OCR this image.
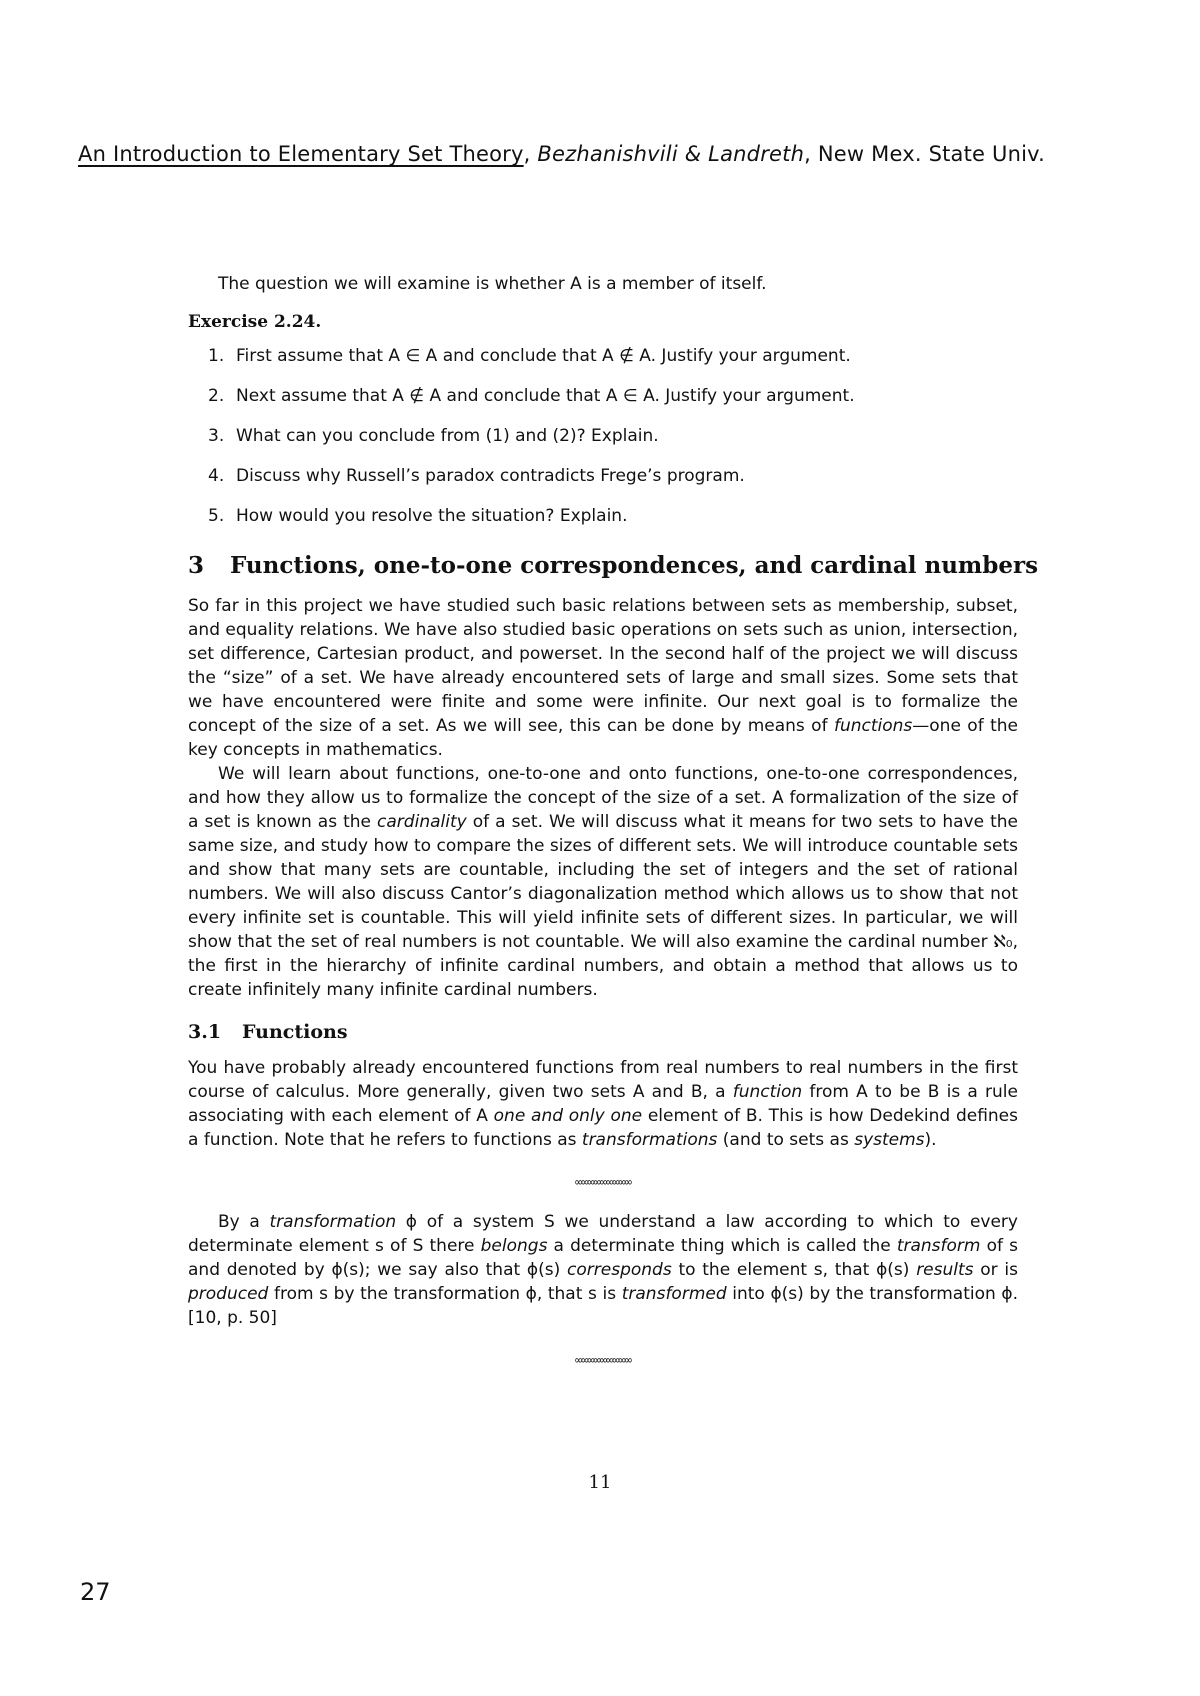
An Introduction to Elementary Set Theory, Bezhanishvili & Landreth, New Mex. State Univ.

The question we will examine is whether A is a member of itself.

Exercise 2.24.

1. First assume that A ∈ A and conclude that A ∉ A. Justify your argument.
2. Next assume that A ∉ A and conclude that A ∈ A. Justify your argument.
3. What can you conclude from (1) and (2)? Explain.
4. Discuss why Russell’s paradox contradicts Frege’s program.
5. How would you resolve the situation? Explain.
3 Functions, one-to-one correspondences, and cardinal numbers

So far in this project we have studied such basic relations between sets as membership, subset, and equality relations. We have also studied basic operations on sets such as union, intersection, set difference, Cartesian product, and powerset. In the second half of the project we will discuss the “size” of a set. We have already encountered sets of large and small sizes. Some sets that we have encountered were finite and some were infinite. Our next goal is to formalize the concept of the size of a set. As we will see, this can be done by means of functions—one of the key concepts in mathematics.

We will learn about functions, one-to-one and onto functions, one-to-one correspondences, and how they allow us to formalize the concept of the size of a set. A formalization of the size of a set is known as the cardinality of a set. We will discuss what it means for two sets to have the same size, and study how to compare the sizes of different sets. We will introduce countable sets and show that many sets are countable, including the set of integers and the set of rational numbers. We will also discuss Cantor’s diagonalization method which allows us to show that not every infinite set is countable. This will yield infinite sets of different sizes. In particular, we will show that the set of real numbers is not countable. We will also examine the cardinal number ℵ₀, the first in the hierarchy of infinite cardinal numbers, and obtain a method that allows us to create infinitely many infinite cardinal numbers.

3.1 Functions

You have probably already encountered functions from real numbers to real numbers in the first course of calculus. More generally, given two sets A and B, a function from A to be B is a rule associating with each element of A one and only one element of B. This is how Dedekind defines a function. Note that he refers to functions as transformations (and to sets as systems).

∞∞∞∞∞∞∞∞∞

By a transformation ϕ of a system S we understand a law according to which to every determinate element s of S there belongs a determinate thing which is called the transform of s and denoted by ϕ(s); we say also that ϕ(s) corresponds to the element s, that ϕ(s) results or is produced from s by the transformation ϕ, that s is transformed into ϕ(s) by the transformation ϕ. [10, p. 50]

∞∞∞∞∞∞∞∞∞
11
27
